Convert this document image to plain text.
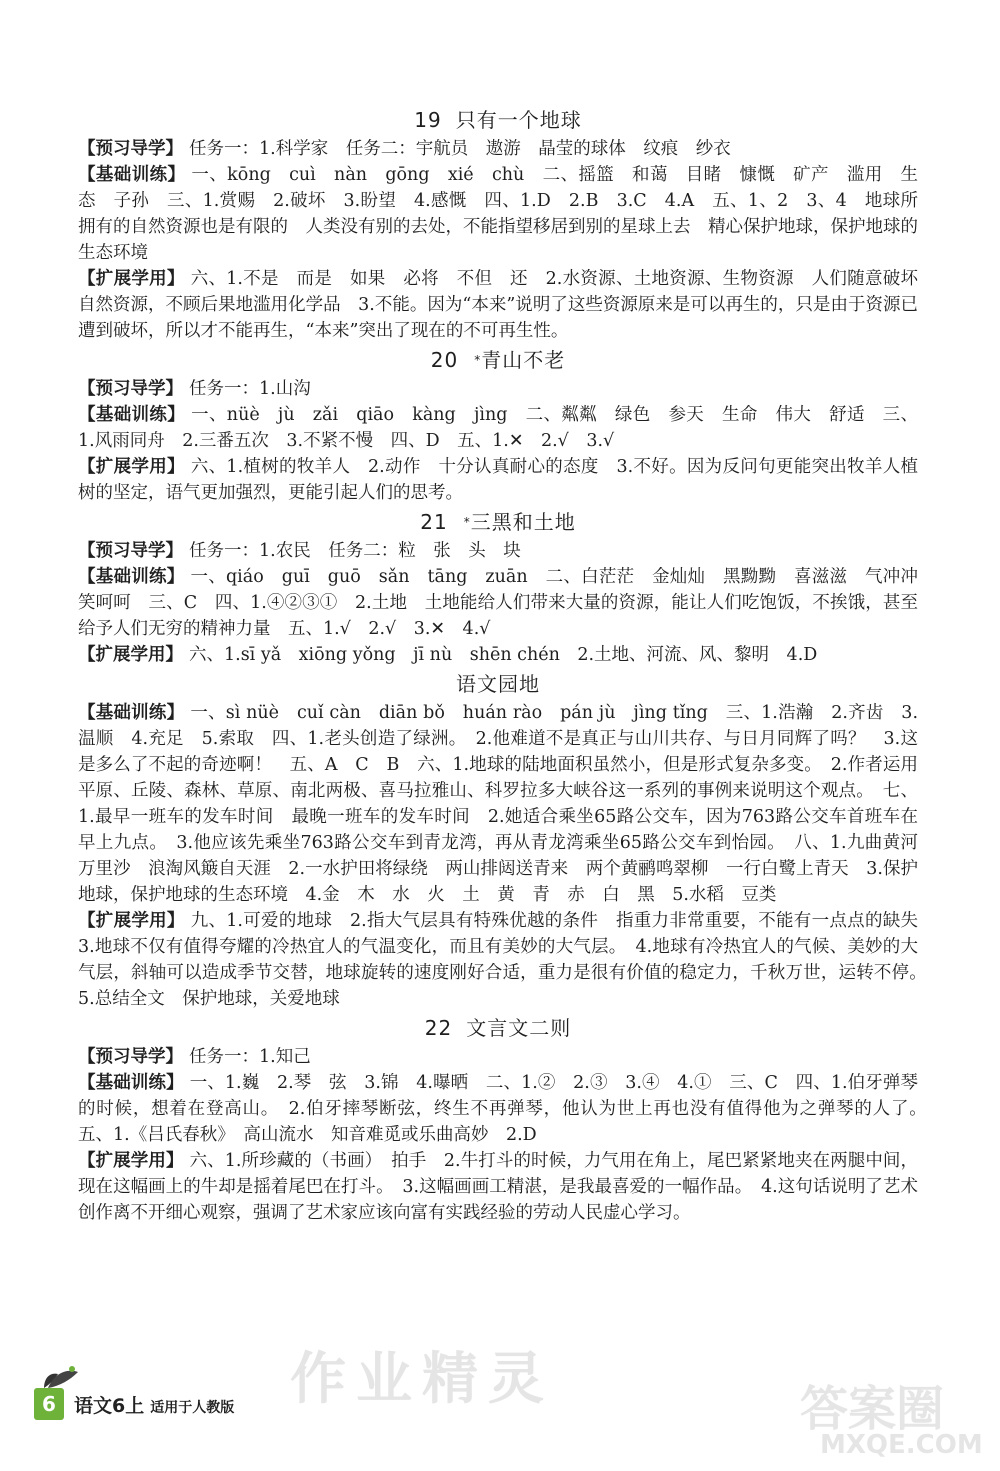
19 只有一个地球

【预习导学】 任务一：1.科学家　任务二：宇航员　遨游　晶莹的球体　纹痕　纱衣

【基础训练】 一、kōng　cuì　nàn　gōng　xié　chù　二、摇篮　和蔼　目睹　慷慨　矿产　滥用　生态　子孙　三、1.赏赐　2.破坏　3.盼望　4.感慨　四、1.D　2.B　3.C　4.A　五、1、2　3、4　地球所拥有的自然资源也是有限的　人类没有别的去处，不能指望移居到别的星球上去　精心保护地球，保护地球的生态环境

【扩展学用】 六、1.不是　而是　如果　必将　不但　还　2.水资源、土地资源、生物资源　人们随意破坏自然资源，不顾后果地滥用化学品　3.不能。因为“本来”说明了这些资源原来是可以再生的，只是由于资源已遭到破坏，所以才不能再生，“本来”突出了现在的不可再生性。

20 *青山不老

【预习导学】 任务一：1.山沟

【基础训练】 一、nüè　jù　zǎi　qiāo　kàng　jìng　二、粼粼　绿色　参天　生命　伟大　舒适　三、1.风雨同舟　2.三番五次　3.不紧不慢　四、D　五、1.✕　2.√　3.√

【扩展学用】 六、1.植树的牧羊人　2.动作　十分认真耐心的态度　3.不好。因为反问句更能突出牧羊人植树的坚定，语气更加强烈，更能引起人们的思考。

21 *三黑和土地

【预习导学】 任务一：1.农民　任务二：粒　张　头　块

【基础训练】 一、qiáo　guī　guō　sǎn　tāng　zuān　二、白茫茫　金灿灿　黑黝黝　喜滋滋　气冲冲　笑呵呵　三、C　四、1.④②③①　2.土地　土地能给人们带来大量的资源，能让人们吃饱饭，不挨饿，甚至给予人们无穷的精神力量　五、1.√　2.√　3.✕　4.√

【扩展学用】 六、1.sī yǎ　xiōng yǒng　jī nù　shēn chén　2.土地、河流、风、黎明　4.D

语文园地

【基础训练】 一、sì nüè　cuǐ càn　diān bǒ　huán rào　pán jù　jìng tǐng　三、1.浩瀚　2.齐齿　3.温顺　4.充足　5.索取　四、1.老头创造了绿洲。　2.他难道不是真正与山川共存、与日月同辉了吗？　3.这是多么了不起的奇迹啊！　五、A　C　B　六、1.地球的陆地面积虽然小，但是形式复杂多变。　2.作者运用平原、丘陵、森林、草原、南北两极、喜马拉雅山、科罗拉多大峡谷这一系列的事例来说明这个观点。　七、1.最早一班车的发车时间　最晚一班车的发车时间　2.她适合乘坐65路公交车，因为763路公交车首班车在早上九点。　3.他应该先乘坐763路公交车到青龙湾，再从青龙湾乘坐65路公交车到怡园。　八、1.九曲黄河万里沙　浪淘风簸自天涯　2.一水护田将绿绕　两山排闼送青来　两个黄鹂鸣翠柳　一行白鹭上青天　3.保护地球，保护地球的生态环境　4.金　木　水　火　土　黄　青　赤　白　黑　5.水稻　豆类

【扩展学用】 九、1.可爱的地球　2.指大气层具有特殊优越的条件　指重力非常重要，不能有一点点的缺失　3.地球不仅有值得夸耀的冷热宜人的气温变化，而且有美妙的大气层。　4.地球有冷热宜人的气候、美妙的大气层，斜轴可以造成季节交替，地球旋转的速度刚好合适，重力是很有价值的稳定力，千秋万世，运转不停。　5.总结全文　保护地球，关爱地球

22 文言文二则

【预习导学】 任务一：1.知己

【基础训练】 一、1.巍　2.琴　弦　3.锦　4.曝晒　二、1.②　2.③　3.④　4.①　三、C　四、1.伯牙弹琴的时候，想着在登高山。　2.伯牙摔琴断弦，终生不再弹琴，他认为世上再也没有值得他为之弹琴的人了。　五、1.《吕氏春秋》　高山流水　知音难觅或乐曲高妙　2.D

【扩展学用】 六、1.所珍藏的（书画）　拍手　2.牛打斗的时候，力气用在角上，尾巴紧紧地夹在两腿中间，现在这幅画上的牛却是摇着尾巴在打斗。　3.这幅画画工精湛，是我最喜爱的一幅作品。　4.这句话说明了艺术创作离不开细心观察，强调了艺术家应该向富有实践经验的劳动人民虚心学习。

6 语文6上 适用于人教版 作业精灵	答案圈
MXQE.COM
